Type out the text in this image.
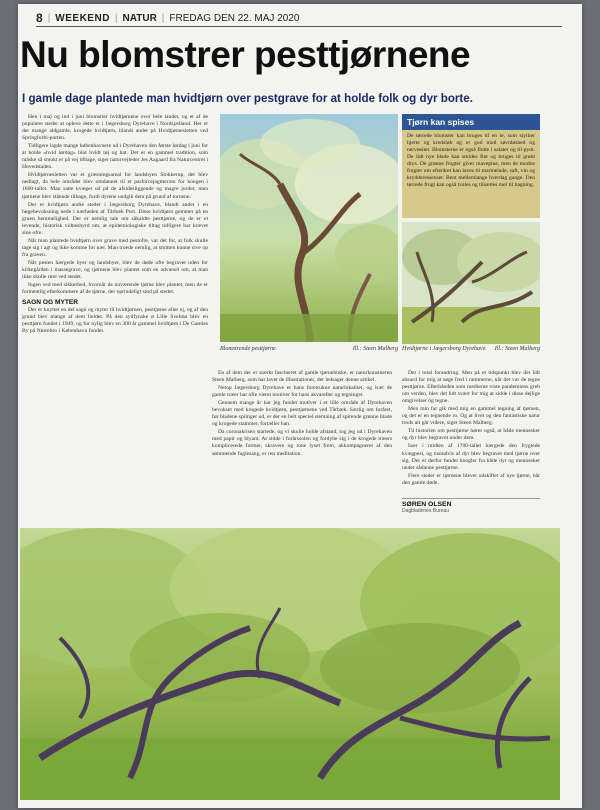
8 | WEEKEND | NATUR | FREDAG DEN 22. MAJ 2020
Nu blomstrer pesttjørnene

I gamle dage plantede man hvidtjørn over pestgrave for at holde folk og dyr borte.

Hen i maj og ind i juni blomstrer hvidtjørnene over hele landet, og et af de populære steder at opleve dette er i Jægersborg Dyrehave i Nordsjælland. Her er der mange aldgamle, krogede hvidtjørn, blandt andet på Hvidtjørnesletten ved Springforbi-porten.

Tidligere lagde mange københavnere ud i Dyrehaven den første lørdag i juni for at holde »hvid lørdag« blot hvidt tøj og hat. Det er en gammel tradition, som måske så smukt er på vej tilbage, siger naturvejleder Jes Aagaard fra Naturcentret i Hovedstaden.

Hvidtjørnesletten var et græsningsareal for landsbyen Stokkerup, der blev nedlagt, da hele området blev omdannet til et parforcejagtterræn for kongen i 1600-tallet. Man satte kvæget ud på de afsidesliggende og magre jorder, men tjørnene blev stående tilbage, fordi dyrene undgik dem på grund af tornene.

Der er hvidtjørn andre steder i Jægersborg Dyrehave, blandt andet i en bøgebevoksning nede i nærheden af Tårbæk Port. Disse hvidtjørn gemmer på en gruen hemmelighed. Der er nemlig tale om såkaldte pesttjørne, og de er et levende, historisk vidnesbyrd om, at epidemiologiske tiltag tidligere har krævet sine ofre.

Når man plantede hvidtjørn over grave med pestofre, var det for, at folk skulle tage sig i agt og ikke komme for nær. Man troede nemlig, at smitten kunne sive op fra graven.

Når pesten hærgede byer og landsbyer, blev de døde ofte begravet uden for kirkegården i massegrave, og tjørnene blev plantet som en advarsel om, at man ikke skulle røre ved stedet.

Ingen ved med sikkerhed, hvornår de nuværende tjørne blev plantet, men de er formentlig efterkommere af de tjørne, der oprindeligt stod på stedet.

SAGN OG MYTER

Der er knyttet en del sagn og myter til hvidtjørnen, pesttjørne eller ej, og af den grund blev mange af dem fældet. På den sydfynske ø Lille Svelmø blev en pesttjørn fundet i 1949, og for nylig blev en 300 år gammel hvidtjørn i De Gamles By på Nørrebro i København fundet.

Blomstrende pesttjørne.	Ill.: Steen Malberg
Tjørn kan spises

De tørrede blomster kan bruges til en te, som styrker hjerte og kredsløb og er god mod søvnløshed og nervøsitet. Blomsterne er også flotte i salater og til pynt. De lidt nye blade kan smides fint og bruges til grønt drys. De grønne frugter giver mavepine, men de modne frugter om efteråret kan laves til marmelade, saft, vin og krydderessenser. Bent mellemlange hverdag gange. Den tørrede frugt kan også tvales og tilsættes mel til bagning.

Hvidtjørne i Jægersborg Dyrehave. Ill.: Steen Malberg

En af dem der er stærkt fascineret af gamle tjørnebuske, er naturkunstneren Steen Malberg, som har lavet de illustrationer, der ledsager denne artikel.

Netop Jægersborg Dyrehave er hans foretrukne naturlokalitet, og især de gamle træer har ofte været motiver for hans akvareller og tegninger.

Gennem mange år har jeg fundet motiver i et lille område af Dyrehaven bevokset med krogede hvidtjørn, pesttjørnene ved Tårbæk. Særlig om foråret, før bladene springer ud, er der en helt speciel stemning af spirende grønne blade og krogede stammer, fortæller han.

Da coronakrisen startede, og vi skulle holde afstand, tog jeg ud i Dyrehaven med papir og blyant. At sidde i forårssolen og fordybe sig i de krogede træers komplicerede former, skravere og tone lyset frem, akkompagneret af den sømmende fuglesang, er ren meditation.

Det i total forandring. Men på et tidspunkt blev det lidt absurd for mig at søge fred i rammerne, når det var de tegne pesttjørne. Efterhånden som medierne viste pandemiens greb om verden, blev det lidt svært for mig at sidde i disse dejlige omgivelser og tegne.

Men min far gik med mig en gammel tegning af tjørnen, og det er en tegnende ro. Og at livet og den fantastiske natur trods alt går videre, siger Steen Malberg.

Til historien om pesttjørne hører også, at både mennesker og dyr blev begravet under dem.

Især i midten af 1700-tallet hærgede den frygtede kvægpest, og tusindvis af dyr blev begravet med tjørne over sig. Der er derfor fundet knogler fra både dyr og mennesker under sådanne pesttjørne.

Flere steder er tjørnene blevet udskiftet af nye tjørne, når den gamle døde.

SØREN OLSEN
Dagbladenes Bureau
